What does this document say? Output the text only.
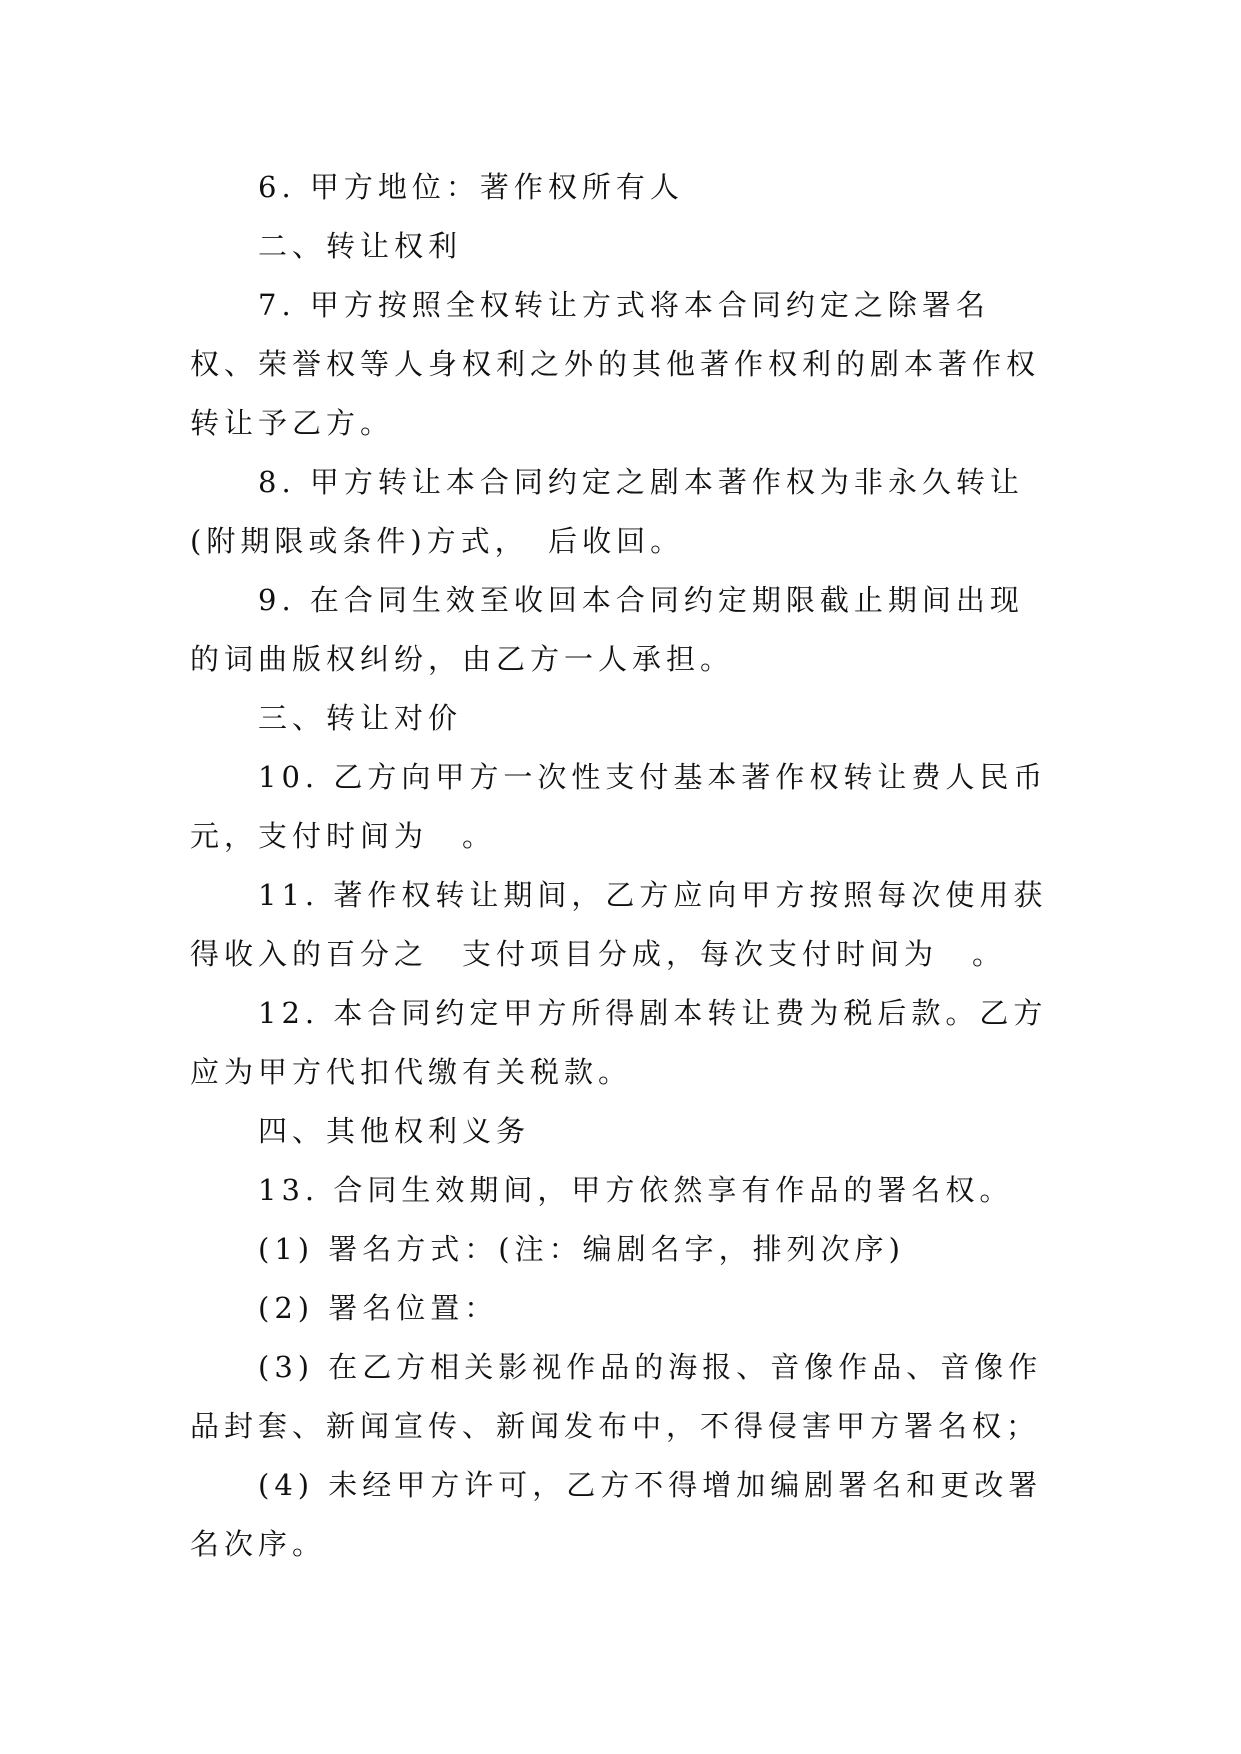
6. 甲方地位：著作权所有人

二、转让权利

7. 甲方按照全权转让方式将本合同约定之除署名权、荣誉权等人身权利之外的其他著作权利的剧本著作权转让予乙方。

8. 甲方转让本合同约定之剧本著作权为非永久转让(附期限或条件)方式，　后收回。

9. 在合同生效至收回本合同约定期限截止期间出现的词曲版权纠纷，由乙方一人承担。

三、转让对价

10. 乙方向甲方一次性支付基本著作权转让费人民币　元，支付时间为　。

11. 著作权转让期间，乙方应向甲方按照每次使用获得收入的百分之　支付项目分成，每次支付时间为　。

12. 本合同约定甲方所得剧本转让费为税后款。乙方应为甲方代扣代缴有关税款。

四、其他权利义务

13. 合同生效期间，甲方依然享有作品的署名权。

(1) 署名方式：(注：编剧名字，排列次序)

(2) 署名位置：

(3) 在乙方相关影视作品的海报、音像作品、音像作品封套、新闻宣传、新闻发布中，不得侵害甲方署名权；

(4) 未经甲方许可，乙方不得增加编剧署名和更改署名次序。
